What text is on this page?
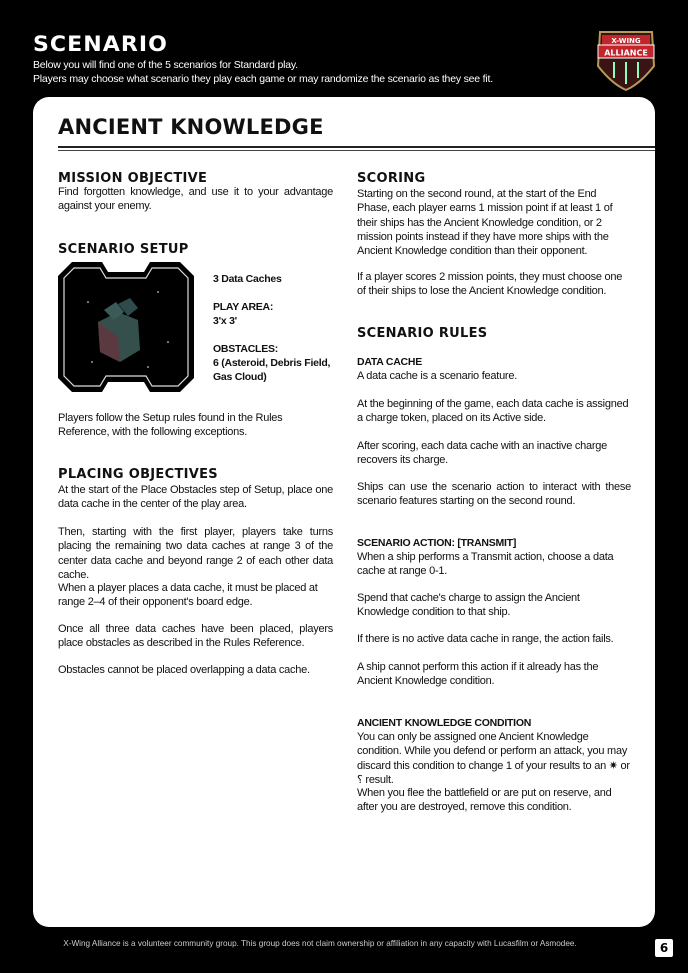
SCENARIO
Below you will find one of the 5 scenarios for Standard play.
Players may choose what scenario they play each game or may randomize the scenario as they see fit.
X-WING
ALLIANCE
ANCIENT KNOWLEDGE
MISSION OBJECTIVE
Find forgotten knowledge, and use it to your advantage against your enemy.
SCENARIO SETUP
3 Data Caches
PLAY AREA:
3'x 3'
OBSTACLES:
6 (Asteroid, Debris Field, Gas Cloud)
Players follow the Setup rules found in the Rules Reference, with the following exceptions.
PLACING OBJECTIVES
At the start of the Place Obstacles step of Setup, place one data cache in the center of the play area.
Then, starting with the first player, players take turns placing the remaining two data caches at range 3 of the center data cache and beyond range 2 of each other data cache.
When a player places a data cache, it must be placed at range 2–4 of their opponent's board edge.
Once all three data caches have been placed, players place obstacles as described in the Rules Reference.
Obstacles cannot be placed overlapping a data cache.
SCORING
Starting on the second round, at the start of the End Phase, each player earns 1 mission point if at least 1 of their ships has the Ancient Knowledge condition, or 2 mission points instead if they have more ships with the Ancient Knowledge condition than their opponent.
If a player scores 2 mission points, they must choose one of their ships to lose the Ancient Knowledge condition.
SCENARIO RULES
DATA CACHE
A data cache is a scenario feature.
At the beginning of the game, each data cache is assigned a charge token, placed on its Active side.
After scoring, each data cache with an inactive charge recovers its charge.
Ships can use the scenario action to interact with these scenario features starting on the second round.
SCENARIO ACTION: [TRANSMIT]
When a ship performs a Transmit action, choose a data cache at range 0-1.
Spend that cache's charge to assign the Ancient Knowledge condition to that ship.
If there is no active data cache in range, the action fails.
A ship cannot perform this action if it already has the Ancient Knowledge condition.
ANCIENT KNOWLEDGE CONDITION
You can only be assigned one Ancient Knowledge condition. While you defend or perform an attack, you may discard this condition to change 1 of your results to an ✷ or ⸮ result.
When you flee the battlefield or are put on reserve, and after you are destroyed, remove this condition.
X-Wing Alliance is a volunteer community group. This group does not claim ownership or affiliation in any capacity with Lucasfilm or Asmodee.	6
